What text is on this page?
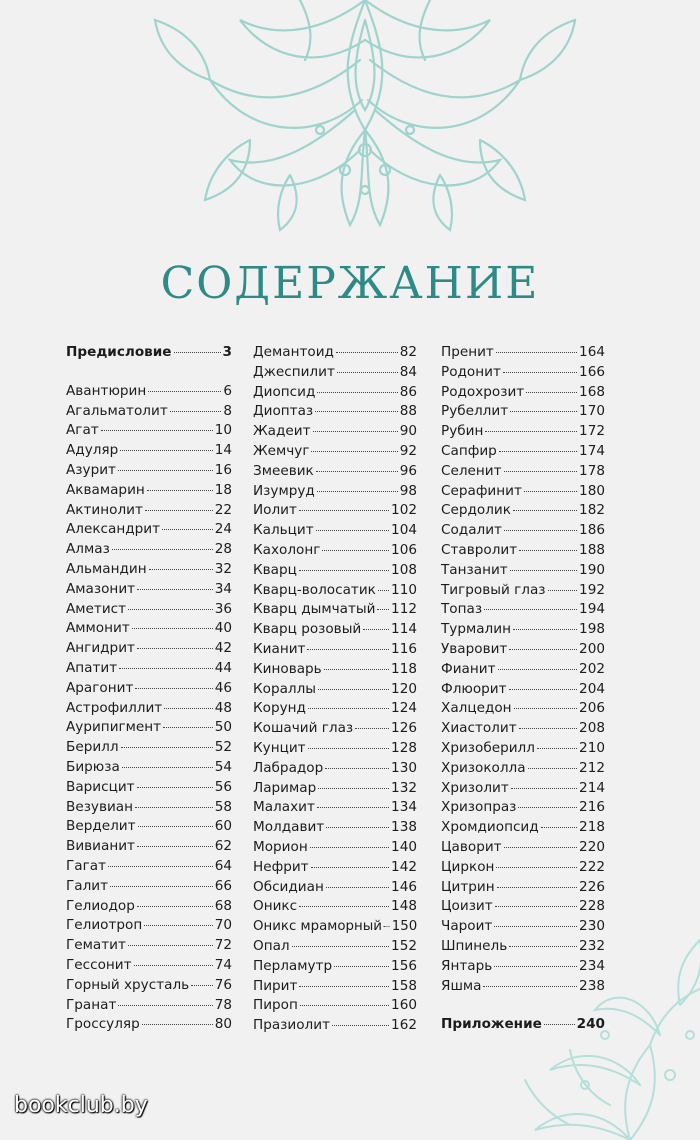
СОДЕРЖАНИЕ
Предисловие	3
Авантюрин	6
Агальматолит	8
Агат	10
Адуляр	14
Азурит	16
Аквамарин	18
Актинолит	22
Александрит	24
Алмаз	28
Альмандин	32
Амазонит	34
Аметист	36
Аммонит	40
Ангидрит	42
Апатит	44
Арагонит	46
Астрофиллит	48
Аурипигмент	50
Берилл	52
Бирюза	54
Варисцит	56
Везувиан	58
Верделит	60
Вивианит	62
Гагат	64
Галит	66
Гелиодор	68
Гелиотроп	70
Гематит	72
Гессонит	74
Горный хрусталь 76
Гранат	78
Гроссуляр	80
Демантоид	82
Джеспилит	84
Диопсид	86
Диоптаз	88
Жадеит	90
Жемчуг	92
Змеевик	96
Изумруд	98
Иолит	102
Кальцит	104
Кахолонг	106
Кварц	108
Кварц-волосатик 110
Кварц дымчатый 112
Кварц розовый 114
Кианит	116
Киноварь	118
Кораллы	120
Корунд	124
Кошачий глаз	126
Кунцит	128
Лабрадор	130
Ларимар	132
Малахит	134
Молдавит	138
Морион	140
Нефрит	142
Обсидиан	146
Оникс	148
Оникс мраморный 150
Опал	152
Перламутр	156
Пирит	158
Пироп	160
Празиолит	162
Пренит	164
Родонит	166
Родохрозит	168
Рубеллит	170
Рубин	172
Сапфир	174
Селенит	178
Серафинит	180
Сердолик	182
Содалит	186
Ставролит	188
Танзанит	190
Тигровый глаз 192
Топаз	194
Турмалин	198
Уваровит	200
Фианит	202
Флюорит	204
Халцедон	206
Хиастолит	208
Хризоберилл	210
Хризоколла	212
Хризолит	214
Хризопраз	216
Хромдиопсид	218
Цаворит	220
Циркон	222
Цитрин	226
Цоизит	228
Чароит	230
Шпинель	232
Янтарь	234
Яшма	238
Приложение	240
bookclub.by
